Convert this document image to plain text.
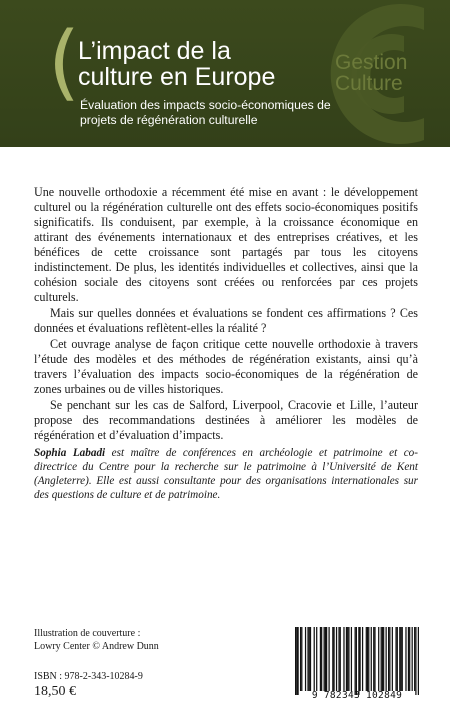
(
L’impact de la
culture en Europe
Évaluation des impacts socio-économiques de
projets de régénération culturelle
Gestion
Culture

Une nouvelle orthodoxie a récemment été mise en avant : le développement culturel ou la régénération culturelle ont des effets socio-économiques positifs significatifs. Ils conduisent, par exemple, à la croissance économique en attirant des événements internationaux et des entreprises créatives, et les bénéfices de cette croissance sont partagés par tous les citoyens indistinctement. De plus, les identités individuelles et collectives, ainsi que la cohésion sociale des citoyens sont créées ou renforcées par ces projets culturels.

Mais sur quelles données et évaluations se fondent ces affirmations ? Ces données et évaluations reflètent-elles la réalité ?

Cet ouvrage analyse de façon critique cette nouvelle orthodoxie à travers l’étude des modèles et des méthodes de régénération existants, ainsi qu’à travers l’évaluation des impacts socio-économiques de la régénération de zones urbaines ou de villes historiques.

Se penchant sur les cas de Salford, Liverpool, Cracovie et Lille, l’auteur propose des recommandations destinées à améliorer les modèles de régénération et d’évaluation d’impacts.

Sophia Labadi est maître de conférences en archéologie et patrimoine et co-directrice du Centre pour la recherche sur le patrimoine à l’Université de Kent (Angleterre). Elle est aussi consultante pour des organisations internationales sur des questions de culture et de patrimoine.
Illustration de couverture :
Lowry Center © Andrew Dunn
ISBN : 978-2-343-10284-9
18,50 €	9 782343 102849
